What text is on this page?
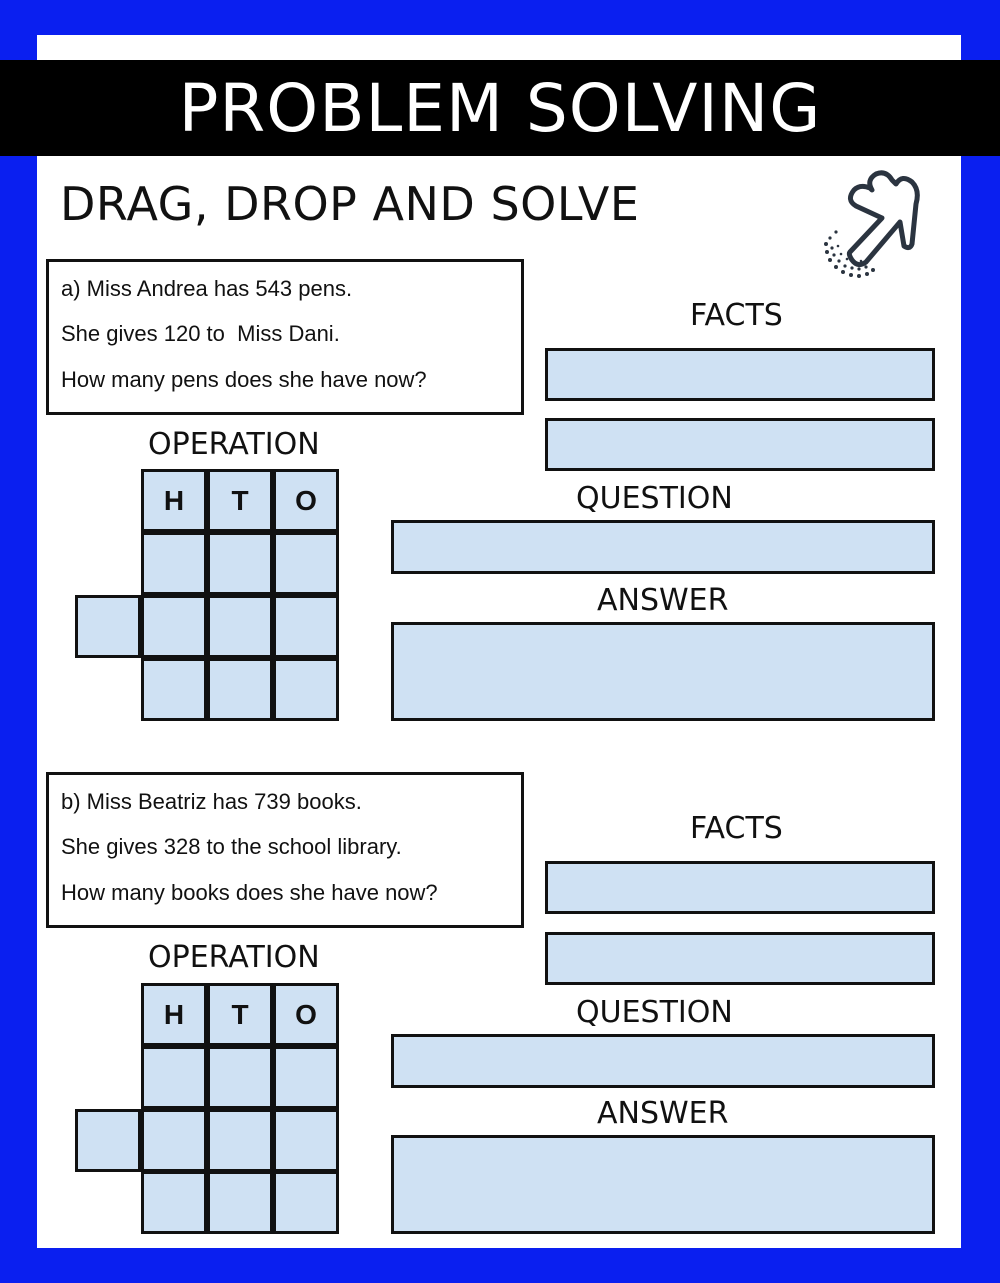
PROBLEM SOLVING
DRAG, DROP AND SOLVE
a) Miss Andrea has 543 pens.
She gives 120 to  Miss Dani.
How many pens does she have now?
FACTS
QUESTION
ANSWER
OPERATION
H	T	O
b) Miss Beatriz has 739 books.
She gives 328 to the school library.
How many books does she have now?
FACTS
QUESTION
ANSWER
OPERATION
H	T	O
